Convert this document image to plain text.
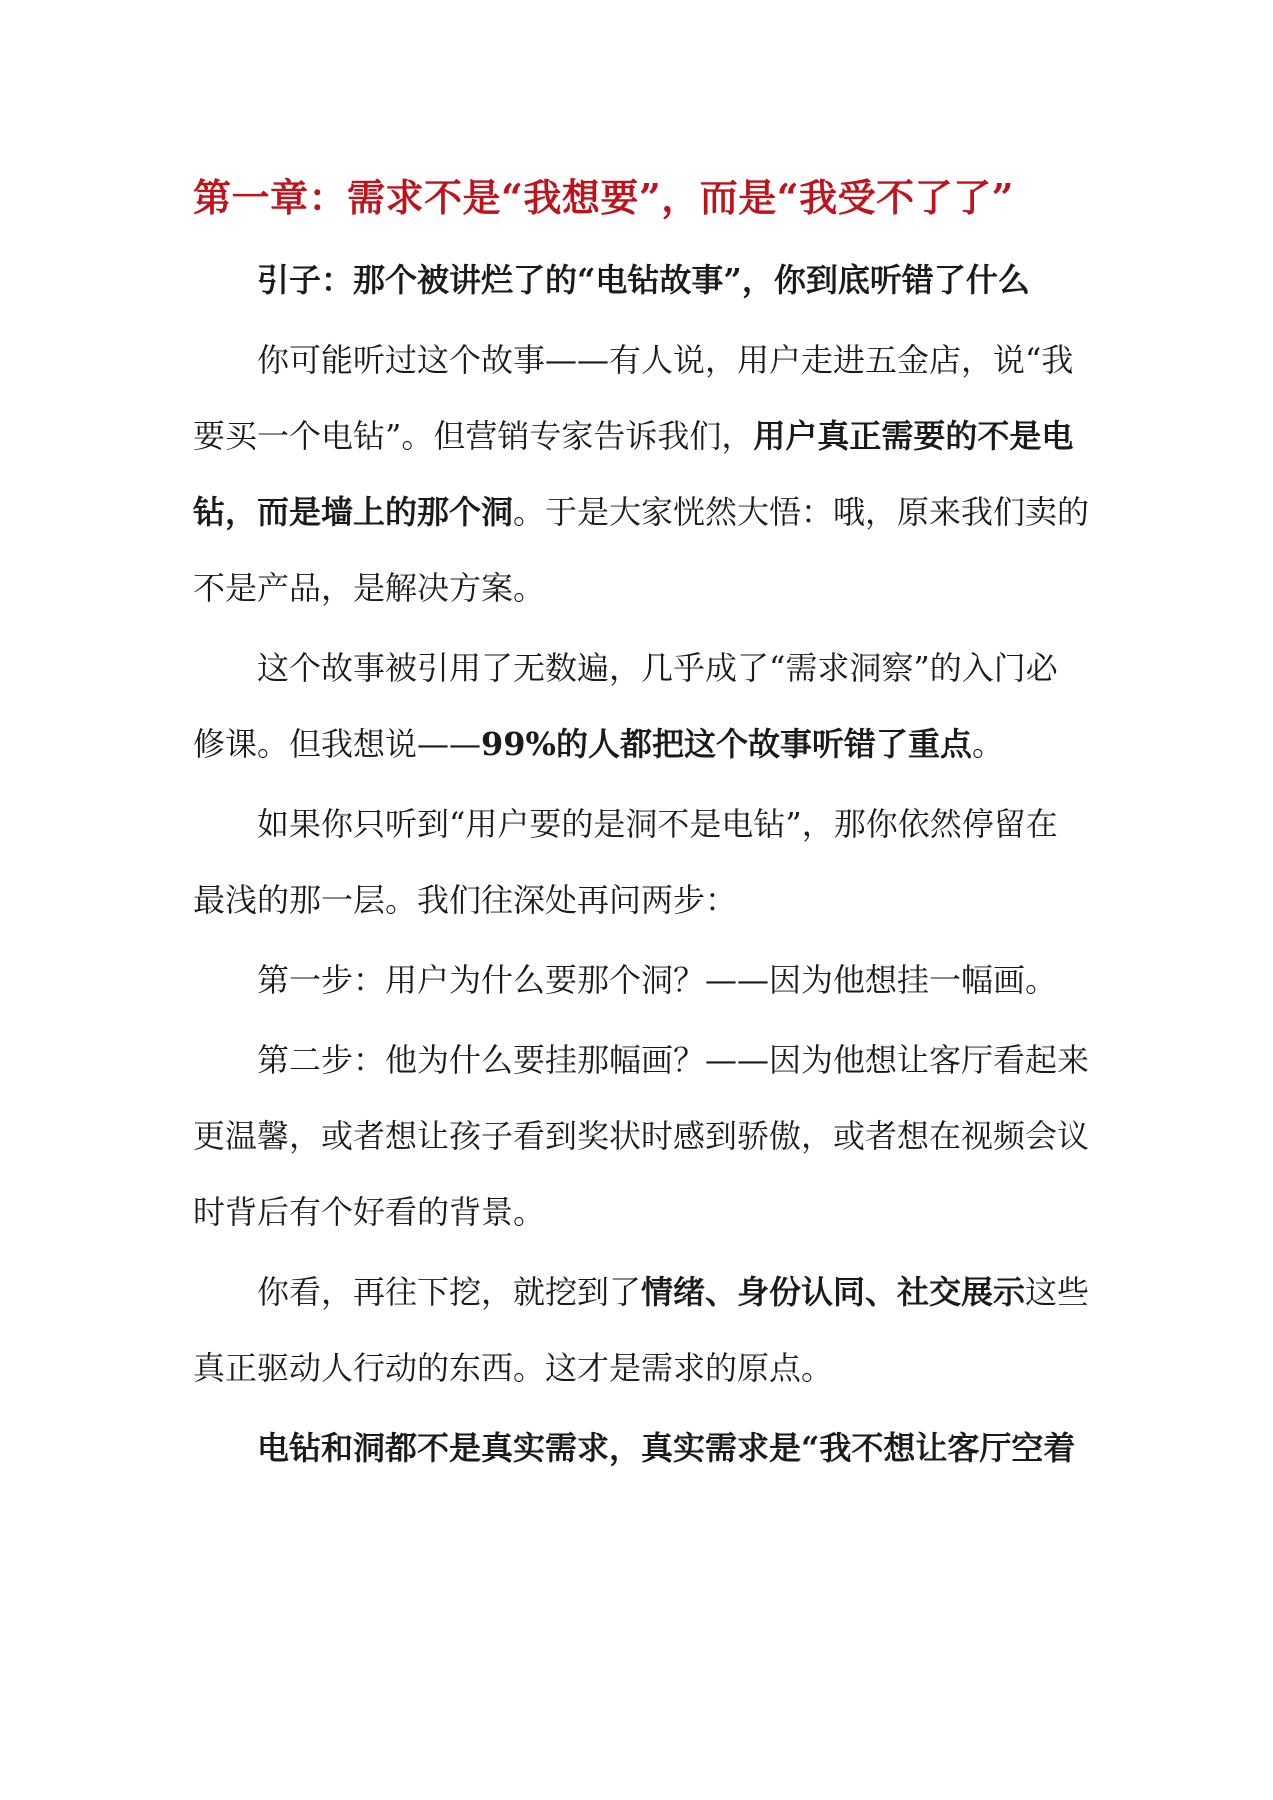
第一章：需求不是“我想要”，而是“我受不了了”
引子：那个被讲烂了的“电钻故事”，你到底听错了什么
你可能听过这个故事——有人说，用户走进五金店，说“我
要买一个电钻”。但营销专家告诉我们，用户真正需要的不是电
钻，而是墙上的那个洞。于是大家恍然大悟：哦，原来我们卖的
不是产品，是解决方案。
这个故事被引用了无数遍，几乎成了“需求洞察”的入门必
修课。但我想说——99%的人都把这个故事听错了重点。
如果你只听到“用户要的是洞不是电钻”，那你依然停留在
最浅的那一层。我们往深处再问两步：
第一步：用户为什么要那个洞？——因为他想挂一幅画。
第二步：他为什么要挂那幅画？——因为他想让客厅看起来
更温馨，或者想让孩子看到奖状时感到骄傲，或者想在视频会议
时背后有个好看的背景。
你看，再往下挖，就挖到了情绪、身份认同、社交展示这些
真正驱动人行动的东西。这才是需求的原点。
电钻和洞都不是真实需求，真实需求是“我不想让客厅空着
